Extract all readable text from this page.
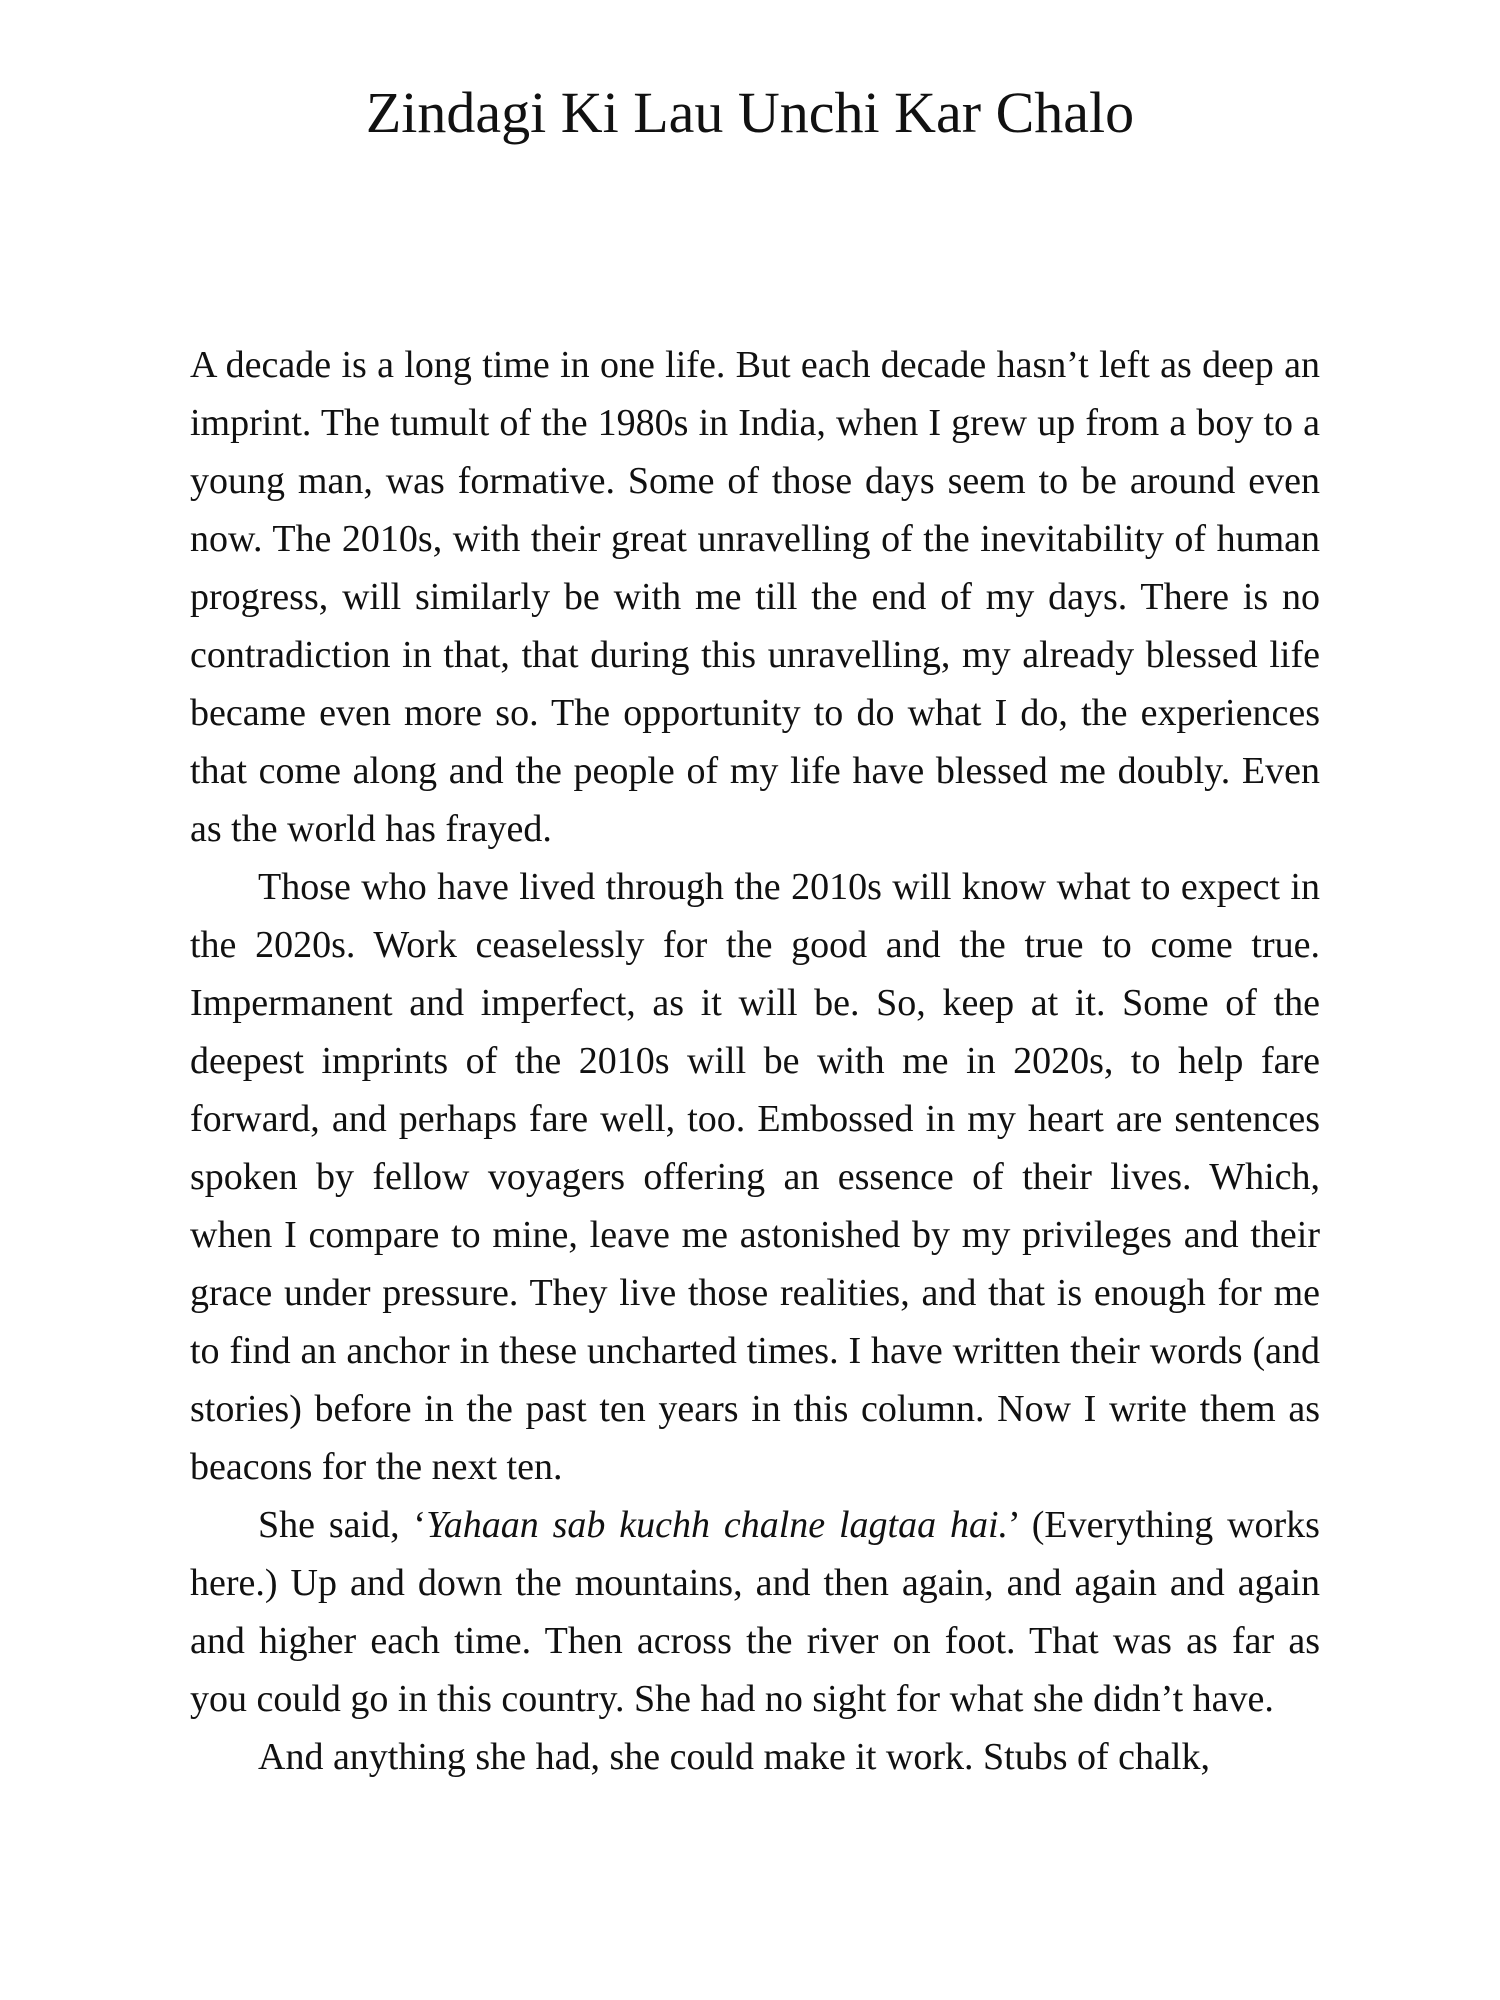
Zindagi Ki Lau Unchi Kar Chalo

A decade is a long time in one life. But each decade hasn’t left as deep an imprint. The tumult of the 1980s in India, when I grew up from a boy to a young man, was formative. Some of those days seem to be around even now. The 2010s, with their great unravelling of the inevitability of human progress, will similarly be with me till the end of my days. There is no contradiction in that, that during this unravelling, my already blessed life became even more so. The opportunity to do what I do, the experiences that come along and the people of my life have blessed me doubly. Even as the world has frayed.

Those who have lived through the 2010s will know what to expect in the 2020s. Work ceaselessly for the good and the true to come true. Impermanent and imperfect, as it will be. So, keep at it. Some of the deepest imprints of the 2010s will be with me in 2020s, to help fare forward, and perhaps fare well, too. Embossed in my heart are sentences spoken by fellow voyagers offering an essence of their lives. Which, when I compare to mine, leave me astonished by my privileges and their grace under pressure. They live those realities, and that is enough for me to find an anchor in these uncharted times. I have written their words (and stories) before in the past ten years in this column. Now I write them as beacons for the next ten.

She said, ‘Yahaan sab kuchh chalne lagtaa hai.’ (Everything works here.) Up and down the mountains, and then again, and again and again and higher each time. Then across the river on foot. That was as far as you could go in this country. She had no sight for what she didn’t have.

And anything she had, she could make it work. Stubs of chalk,
